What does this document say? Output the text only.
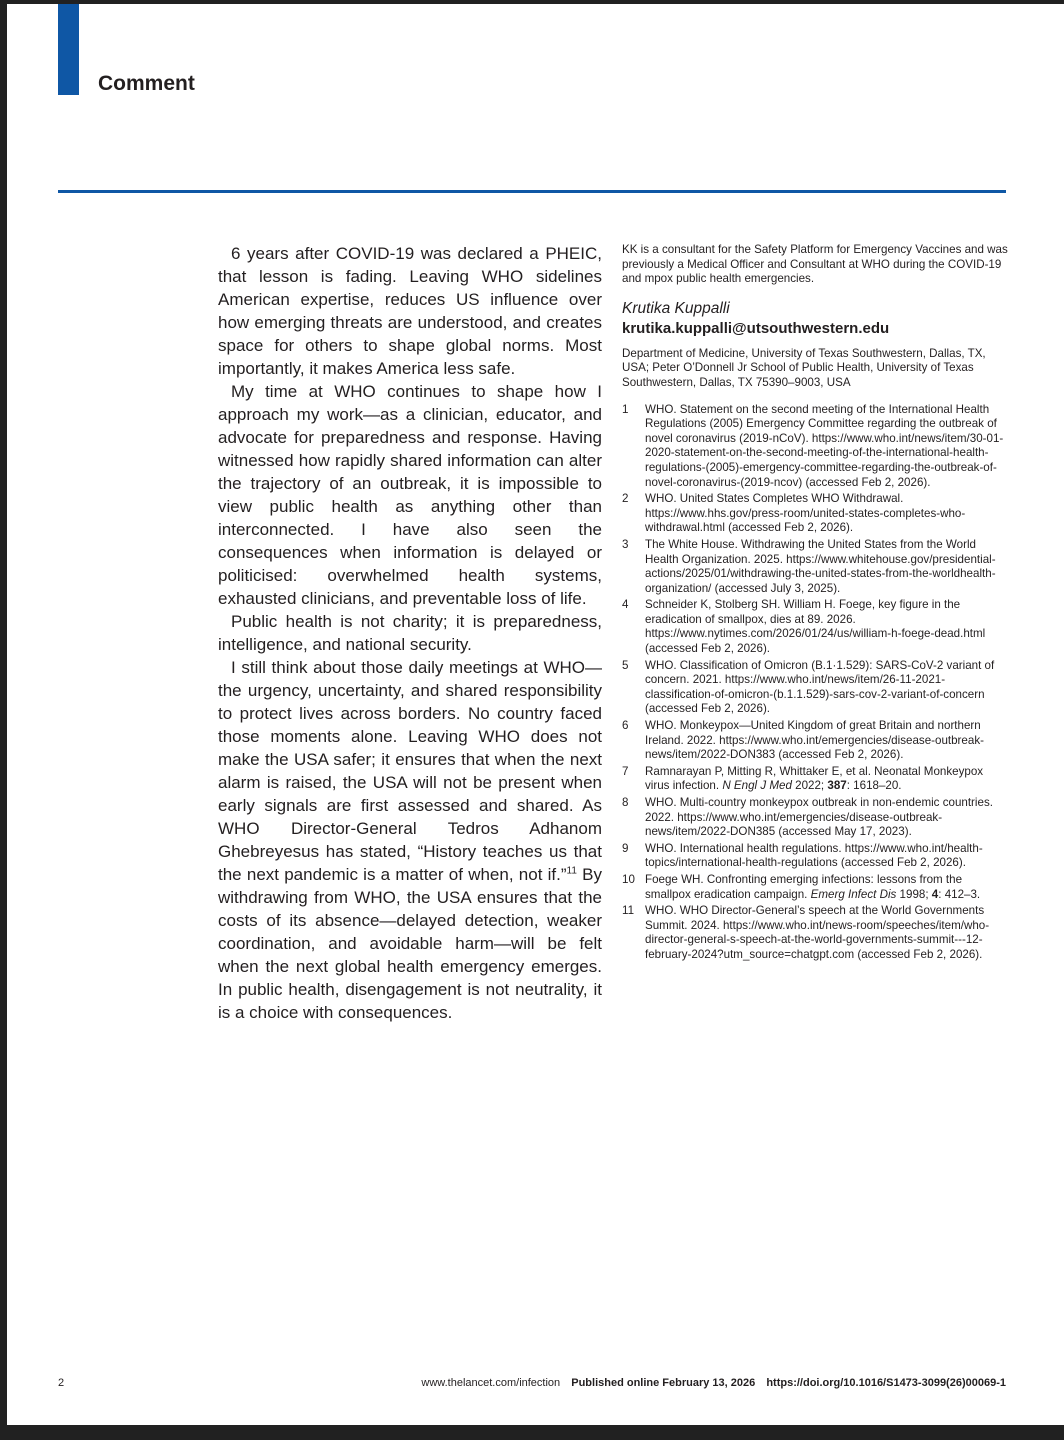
Comment

6 years after COVID-19 was declared a PHEIC, that lesson is fading. Leaving WHO sidelines American expertise, reduces US influence over how emerging threats are understood, and creates space for others to shape global norms. Most importantly, it makes America less safe.

My time at WHO continues to shape how I approach my work—as a clinician, educator, and advocate for preparedness and response. Having witnessed how rapidly shared information can alter the trajectory of an outbreak, it is impossible to view public health as anything other than interconnected. I have also seen the consequences when information is delayed or politicised: overwhelmed health systems, exhausted clinicians, and preventable loss of life.

Public health is not charity; it is preparedness, intelligence, and national security.

I still think about those daily meetings at WHO—the urgency, uncertainty, and shared responsibility to protect lives across borders. No country faced those moments alone. Leaving WHO does not make the USA safer; it ensures that when the next alarm is raised, the USA will not be present when early signals are first assessed and shared. As WHO Director-General Tedros Adhanom Ghebreyesus has stated, “History teaches us that the next pandemic is a matter of when, not if.”$^{11}$ By withdrawing from WHO, the USA ensures that the costs of its absence—delayed detection, weaker coordination, and avoidable harm—will be felt when the next global health emergency emerges. In public health, disengagement is not neutrality, it is a choice with consequences.

KK is a consultant for the Safety Platform for Emergency Vaccines and was previously a Medical Officer and Consultant at WHO during the COVID-19 and mpox public health emergencies.

Krutika Kuppalli

krutika.kuppalli@utsouthwestern.edu

Department of Medicine, University of Texas Southwestern, Dallas, TX, USA; Peter O’Donnell Jr School of Public Health, University of Texas Southwestern, Dallas, TX 75390–9003, USA

1	WHO. Statement on the second meeting of the International Health Regulations (2005) Emergency Committee regarding the outbreak of novel coronavirus (2019-nCoV). https://www.who.int/news/item/30-01-2020-statement-on-the-second-meeting-of-the-international-health-regulations-(2005)-emergency-committee-regarding-the-outbreak-of-novel-coronavirus-(2019-ncov) (accessed Feb 2, 2026).
2	WHO. United States Completes WHO Withdrawal. https://www.hhs.gov/press-room/united-states-completes-who-withdrawal.html (accessed Feb 2, 2026).
3	The White House. Withdrawing the United States from the World Health Organization. 2025. https://www.whitehouse.gov/presidential-actions/2025/01/withdrawing-the-united-states-from-the-worldhealth-organization/ (accessed July 3, 2025).
4	Schneider K, Stolberg SH. William H. Foege, key figure in the eradication of smallpox, dies at 89. 2026. https://www.nytimes.com/2026/01/24/us/william-h-foege-dead.html (accessed Feb 2, 2026).
5	WHO. Classification of Omicron (B.1·1.529): SARS-CoV-2 variant of concern. 2021. https://www.who.int/news/item/26-11-2021-classification-of-omicron-(b.1.1.529)-sars-cov-2-variant-of-concern (accessed Feb 2, 2026).
6	WHO. Monkeypox—United Kingdom of great Britain and northern Ireland. 2022. https://www.who.int/emergencies/disease-outbreak-news/item/2022-DON383 (accessed Feb 2, 2026).
7	Ramnarayan P, Mitting R, Whittaker E, et al. Neonatal Monkeypox virus infection. N Engl J Med 2022; 387: 1618–20.
8	WHO. Multi-country monkeypox outbreak in non-endemic countries. 2022. https://www.who.int/emergencies/disease-outbreak-news/item/2022-DON385 (accessed May 17, 2023).
9	WHO. International health regulations. https://www.who.int/health-topics/international-health-regulations (accessed Feb 2, 2026).
10 Foege WH. Confronting emerging infections: lessons from the smallpox eradication campaign. Emerg Infect Dis 1998; 4: 412–3.
11 WHO. WHO Director-General’s speech at the World Governments Summit. 2024. https://www.who.int/news-room/speeches/item/who-director-general-s-speech-at-the-world-governments-summit---12-february-2024?utm_source=chatgpt.com (accessed Feb 2, 2026).
2	www.thelancet.com/infection Published online February 13, 2026 https://doi.org/10.1016/S1473-3099(26)00069-1
